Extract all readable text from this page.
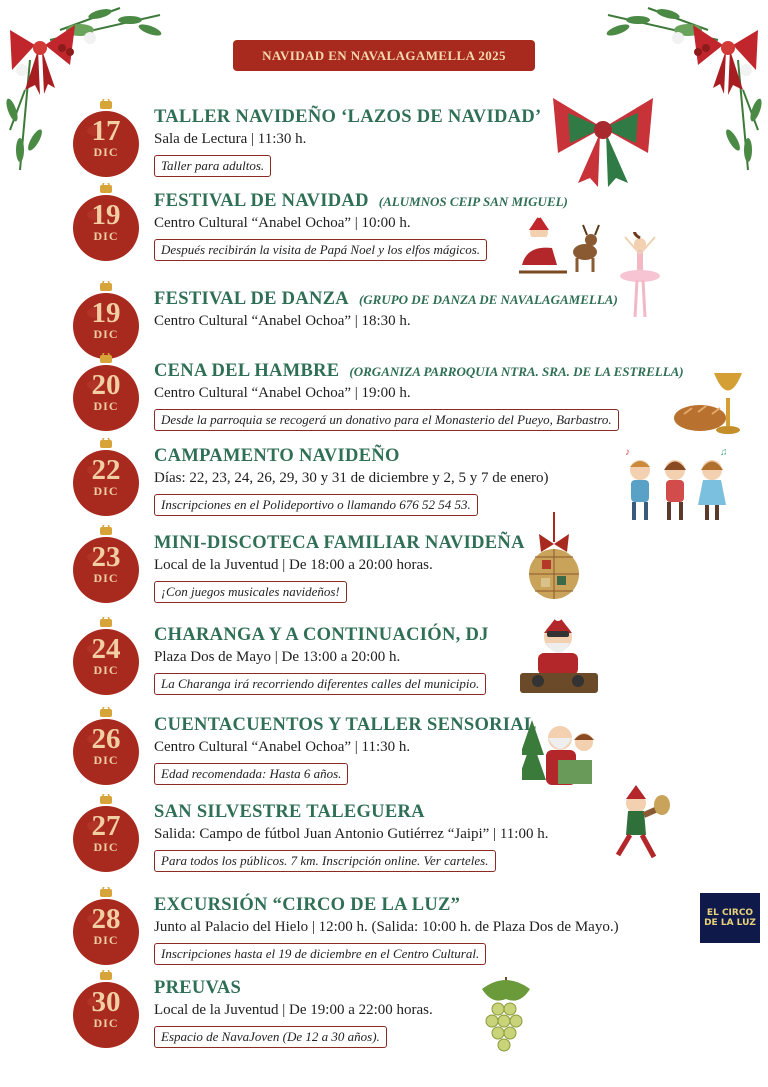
NAVIDAD EN NAVALAGAMELLA 2025
17
DIC
TALLER NAVIDEÑO ‘LAZOS DE NAVIDAD’
Sala de Lectura | 11:30 h.
Taller para adultos.
19
DIC
FESTIVAL DE NAVIDAD (ALUMNOS CEIP SAN MIGUEL)
Centro Cultural “Anabel Ochoa” | 10:00 h.
Después recibirán la visita de Papá Noel y los elfos mágicos.
19
DIC
FESTIVAL DE DANZA (GRUPO DE DANZA DE NAVALAGAMELLA)
Centro Cultural “Anabel Ochoa” | 18:30 h.
20
DIC
CENA DEL HAMBRE (ORGANIZA PARROQUIA NTRA. SRA. DE LA ESTRELLA)
Centro Cultural “Anabel Ochoa” | 19:00 h.
Desde la parroquia se recogerá un donativo para el Monasterio del Pueyo, Barbastro.
22
DIC
CAMPAMENTO NAVIDEÑO
Días: 22, 23, 24, 26, 29, 30 y 31 de diciembre y 2, 5 y 7 de enero)
Inscripciones en el Polideportivo o llamando 676 52 54 53.
23
DIC
MINI-DISCOTECA FAMILIAR NAVIDEÑA
Local de la Juventud | De 18:00 a 20:00 horas.
¡Con juegos musicales navideños!
24
DIC
CHARANGA Y A CONTINUACIÓN, DJ
Plaza Dos de Mayo | De 13:00 a 20:00 h.
La Charanga irá recorriendo diferentes calles del municipio.
26
DIC
CUENTACUENTOS Y TALLER SENSORIAL
Centro Cultural “Anabel Ochoa” | 11:30 h.
Edad recomendada: Hasta 6 años.
27
DIC
SAN SILVESTRE TALEGUERA
Salida: Campo de fútbol Juan Antonio Gutiérrez “Jaipi” | 11:00 h.
Para todos los públicos. 7 km. Inscripción online. Ver carteles.
28
DIC
EXCURSIÓN “CIRCO DE LA LUZ”
Junto al Palacio del Hielo | 12:00 h. (Salida: 10:00 h. de Plaza Dos de Mayo.)
Inscripciones hasta el 19 de diciembre en el Centro Cultural.
30
DIC
PREUVAS
Local de la Juventud | De 19:00 a 22:00 horas.
Espacio de NavaJoven (De 12 a 30 años).
♪	♫
EL CIRCO DE LA LUZ
